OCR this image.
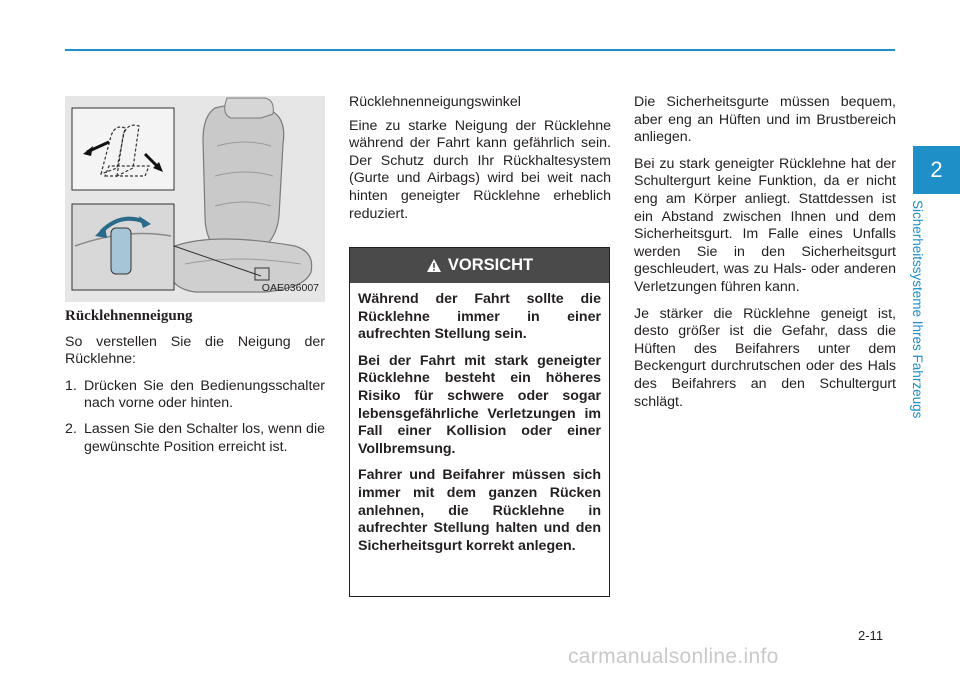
2
Sicherheitssysteme Ihres Fahrzeugs
OAE036007
Rücklehnenneigung

So verstellen Sie die Neigung der Rücklehne:

1. Drücken Sie den Bedienungsschalter nach vorne oder hinten.
2. Lassen Sie den Schalter los, wenn die gewünschte Position erreicht ist.

Rücklehnenneigungswinkel

Eine zu starke Neigung der Rücklehne während der Fahrt kann gefährlich sein. Der Schutz durch Ihr Rückhaltesystem (Gurte und Airbags) wird bei weit nach hinten geneigter Rücklehne erheblich reduziert.

VORSICHT

Während der Fahrt sollte die Rücklehne immer in einer aufrechten Stellung sein.

Bei der Fahrt mit stark geneigter Rücklehne besteht ein höheres Risiko für schwere oder sogar lebensgefährliche Verletzungen im Fall einer Kollision oder einer Vollbremsung.

Fahrer und Beifahrer müssen sich immer mit dem ganzen Rücken anlehnen, die Rücklehne in aufrechter Stellung halten und den Sicherheitsgurt korrekt anlegen.

Die Sicherheitsgurte müssen bequem, aber eng an Hüften und im Brustbereich anliegen.

Bei zu stark geneigter Rücklehne hat der Schultergurt keine Funktion, da er nicht eng am Körper anliegt. Stattdessen ist ein Abstand zwischen Ihnen und dem Sicherheitsgurt. Im Falle eines Unfalls werden Sie in den Sicherheitsgurt geschleudert, was zu Hals- oder anderen Verletzungen führen kann.

Je stärker die Rücklehne geneigt ist, desto größer ist die Gefahr, dass die Hüften des Beifahrers unter dem Beckengurt durchrutschen oder des Hals des Beifahrers an den Schultergurt schlägt.

2-11
carmanualsonline.info
